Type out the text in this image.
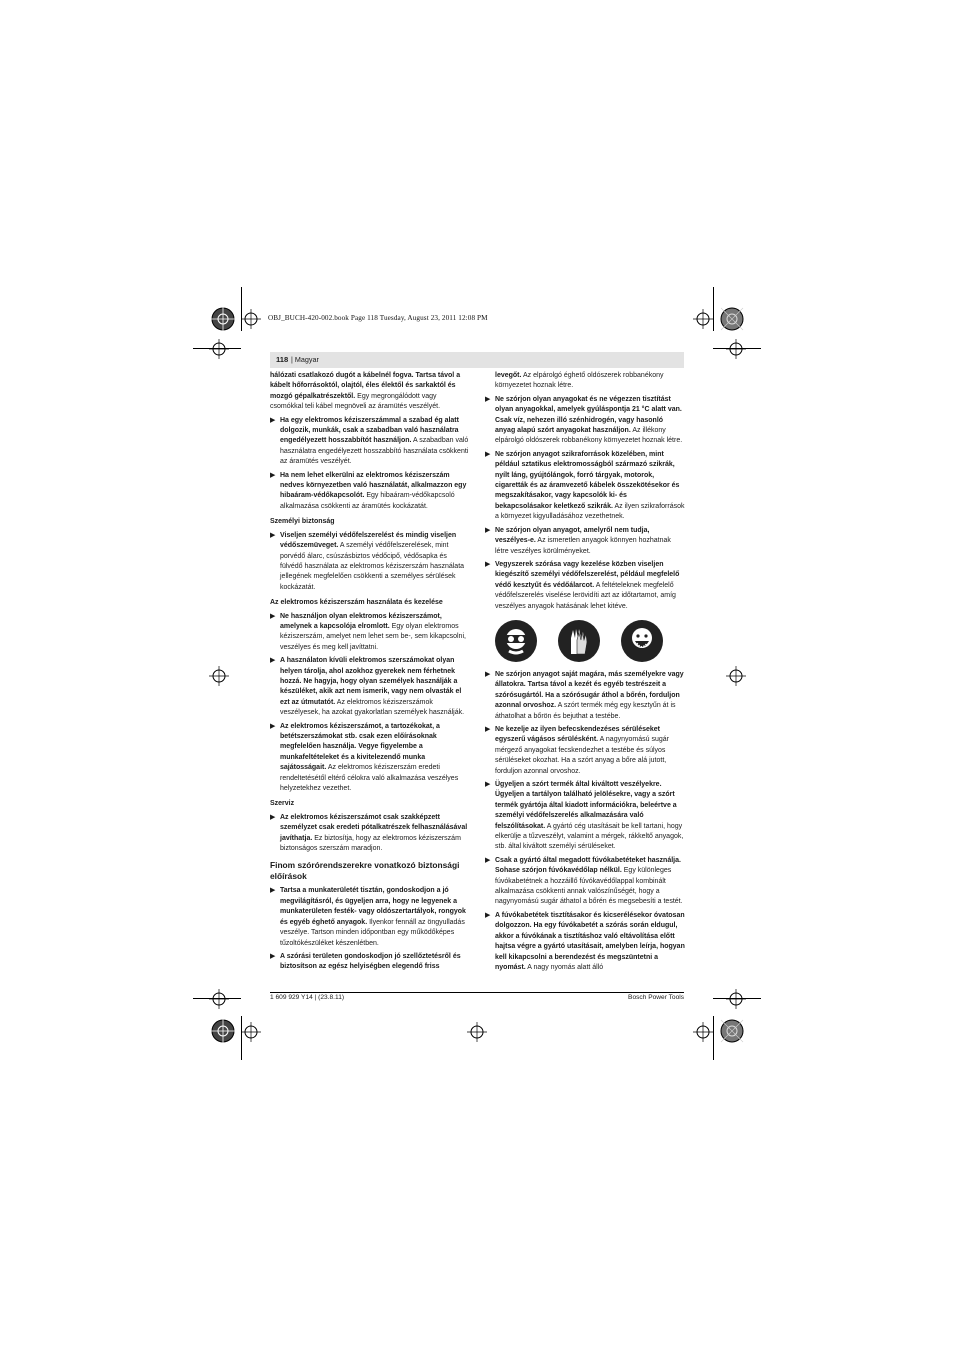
OBJ_BUCH-420-002.book Page 118 Tuesday, August 23, 2011 12:08 PM
118 | Magyar
hálózati csatlakozó dugót a kábelnél fogva. Tartsa távol a kábelt hőforrásoktól, olajtól, éles élektől és sarkaktól és mozgó gépalkatrészektől. Egy megrongálódott vagy csomókkal teli kábel megnöveli az áramütés veszélyét.
▶ Ha egy elektromos kéziszerszámmal a szabad ég alatt dolgozik, munkák, csak a szabadban való használatra engedélyezett hosszabbítót használjon. A szabadban való használatra engedélyezett hosszabbító használata csökkenti az áramütés veszélyét.
▶ Ha nem lehet elkerülni az elektromos kéziszerszám nedves környezetben való használatát, alkalmazzon egy hibaáram-védőkapcsolót. Egy hibaáram-védőkapcsoló alkalmazása csökkenti az áramütés kockázatát.
Személyi biztonság
▶ Viseljen személyi védőfelszerelést és mindig viseljen védőszemüveget. A személyi védőfelszerelések, mint porvédő álarc, csúszásbiztos védőcipő, védősapka és fülvédő használata az elektromos kéziszerszám használata jellegének megfelelően csökkenti a személyes sérülések kockázatát.
Az elektromos kéziszerszám használata és kezelése
▶ Ne használjon olyan elektromos kéziszerszámot, amelynek a kapcsolója elromlott. Egy olyan elektromos kéziszerszám, amelyet nem lehet sem be-, sem kikapcsolni, veszélyes és meg kell javíttatni.
▶ A használaton kívüli elektromos szerszámokat olyan helyen tárolja, ahol azokhoz gyerekek nem férhetnek hozzá. Ne hagyja, hogy olyan személyek használják a készüléket, akik azt nem ismerik, vagy nem olvasták el ezt az útmutatót. Az elektromos kéziszerszámok veszélyesek, ha azokat gyakorlatlan személyek használják.
▶ Az elektromos kéziszerszámot, a tartozékokat, a betétszerszámokat stb. csak ezen előírásoknak megfelelően használja. Vegye figyelembe a munkafeltételeket és a kivitelezendő munka sajátosságait. Az elektromos kéziszerszám eredeti rendeltetésétől eltérő célokra való alkalmazása veszélyes helyzetekhez vezethet.
Szerviz
▶ Az elektromos kéziszerszámot csak szakképzett személyzet csak eredeti pótalkatrészek felhasználásával javíthatja. Ez biztosítja, hogy az elektromos kéziszerszám biztonságos szerszám maradjon.
Finom szórórendszerekre vonatkozó biztonsági előírások
▶ Tartsa a munkaterületét tisztán, gondoskodjon a jó megvilágításról, és ügyeljen arra, hogy ne legyenek a munkaterületen festék- vagy oldószertartályok, rongyok és egyéb éghető anyagok. Ilyenkor fennáll az öngyulladás veszélye. Tartson minden időpontban egy működőképes tűzoltókészüléket készenlétben.
▶ A szórási területen gondoskodjon jó szellőztetésről és biztosítson az egész helyiségben elegendő friss
levegőt. Az elpárolgó éghető oldószerek robbanékony környezetet hoznak létre.
▶ Ne szórjon olyan anyagokat és ne végezzen tisztítást olyan anyagokkal, amelyek gyúláspontja 21 °C alatt van. Csak víz, nehezen illó szénhidrogén, vagy hasonló anyag alapú szórt anyagokat használjon. Az illékony elpárolgó oldószerek robbanékony környezetet hoznak létre.
▶ Ne szórjon anyagot szikraforrások közelében, mint például sztatikus elektromosságból származó szikrák, nyílt láng, gyújtólángok, forró tárgyak, motorok, cigaretták és az áramvezető kábelek összekötésekor és megszakításakor, vagy kapcsolók ki- és bekapcsolásakor keletkező szikrák. Az ilyen szikraforrások a környezet kigyulladásához vezethetnek.
▶ Ne szórjon olyan anyagot, amelyről nem tudja, veszélyes-e. Az ismeretlen anyagok könnyen hozhatnak létre veszélyes körülményeket.
▶ Vegyszerek szórása vagy kezelése közben viseljen kiegészítő személyi védőfelszerelést, például megfelelő védő kesztyűt és védőálarcot. A feltételeknek megfelelő védőfelszerelés viselése lerövidíti azt az időtartamot, amíg veszélyes anyagok hatásának lehet kitéve.
▶ Ne szórjon anyagot saját magára, más személyekre vagy állatokra. Tartsa távol a kezét és egyéb testrészeit a szórósugártól. Ha a szórósugár áthol a bőrén, forduljon azonnal orvoshoz. A szórt termék még egy kesztyűn át is áthatolhat a bőrön és bejuthat a testébe.
▶ Ne kezelje az ilyen befecskendezéses sérüléseket egyszerű vágásos sérülésként. A nagynyomású sugár mérgező anyagokat fecskendezhet a testébe és súlyos sérüléseket okozhat. Ha a szórt anyag a bőre alá jutott, forduljon azonnal orvoshoz.
▶ Ügyeljen a szórt termék által kiváltott veszélyekre. Ügyeljen a tartályon található jelölésekre, vagy a szórt termék gyártója által kiadott információkra, beleértve a személyi védőfelszerelés alkalmazására való felszólításokat. A gyártó cég utasításait be kell tartani, hogy elkerülje a tűzveszélyt, valamint a mérgek, rákkeltő anyagok, stb. által kiváltott személyi sérüléseket.
▶ Csak a gyártó által megadott fúvókabetéteket használja. Sohase szórjon fúvókavédőlap nélkül. Egy különleges fúvókabetétnek a hozzáillő fúvókavédőlappal kombinált alkalmazása csökkenti annak valószínűségét, hogy a nagynyomású sugár áthatol a bőrén és megsebesíti a testét.
▶ A fúvókabetétek tisztításakor és kicserélésekor óvatosan dolgozzon. Ha egy fúvókabetét a szórás során eldugul, akkor a fúvókának a tisztításhoz való eltávolítása előtt hajtsa végre a gyártó utasításait, amelyben leírja, hogyan kell kikapcsolni a berendezést és megszüntetni a nyomást. A nagy nyomás alatt álló
1 609 929 Y14 | (23.8.11)	Bosch Power Tools
